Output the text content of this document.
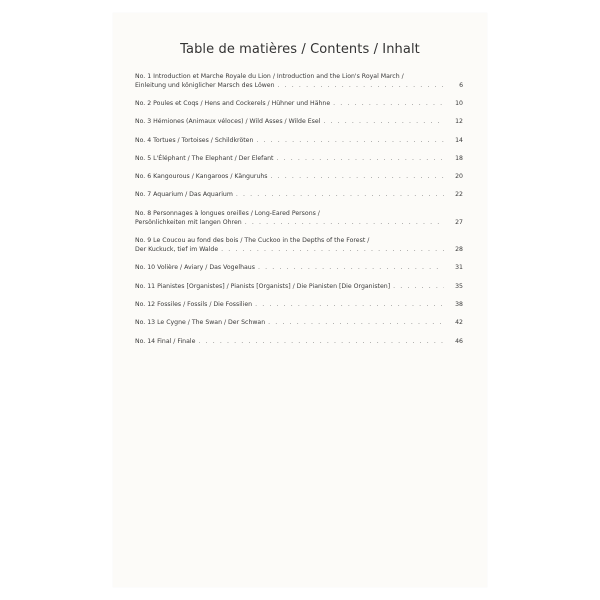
Table de matières / Contents / Inhalt
No. 1 Introduction et Marche Royale du Lion / Introduction and the Lion's Royal March /
Einleitung und königlicher Marsch des Löwen . . .	6
No. 2 Poules et Coqs / Hens and Cockerels / Hühner und Hähne . . .	10
No. 3 Hémiones (Animaux véloces) / Wild Asses / Wilde Esel . . .	12
No. 4 Tortues / Tortoises / Schildkröten . . .	14
No. 5 L'Éléphant / The Elephant / Der Elefant . . .	18
No. 6 Kangourous / Kangaroos / Känguruhs . . .	20
No. 7 Aquarium / Das Aquarium . . .	22
No. 8 Personnages à longues oreilles / Long-Eared Persons /
Persönlichkeiten mit langen Ohren . . .	27
No. 9 Le Coucou au fond des bois / The Cuckoo in the Depths of the Forest /
Der Kuckuck, tief im Walde . . .	28
No. 10 Volière / Aviary / Das Vogelhaus . . .	31
No. 11 Pianistes [Organistes] / Pianists [Organists] / Die Pianisten [Die Organisten] . . .	35
No. 12 Fossiles / Fossils / Die Fossilien . . .	38
No. 13 Le Cygne / The Swan / Der Schwan . . .	42
No. 14 Final / Finale . . .	46
